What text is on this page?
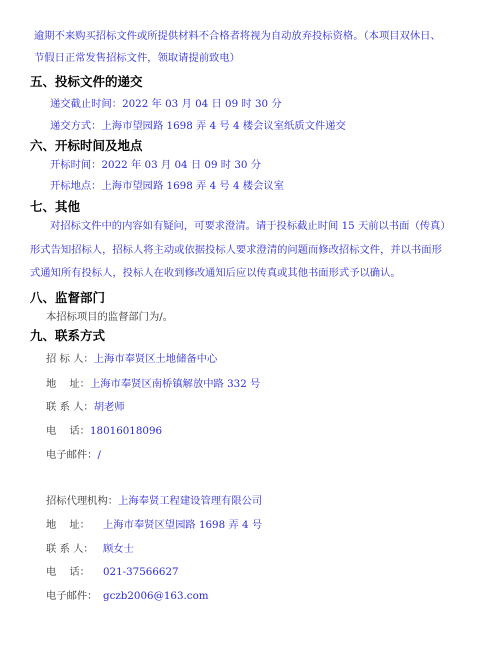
逾期不来购买招标文件或所提供材料不合格者将视为自动放弃投标资格。（本项目双休日、
节假日正常发售招标文件，领取请提前致电）
五、投标文件的递交
递交截止时间：2022 年 03 月 04 日 09 时 30 分
递交方式：上海市望园路 1698 弄 4 号 4 楼会议室纸质文件递交
六、开标时间及地点
开标时间：2022 年 03 月 04 日 09 时 30 分
开标地点：上海市望园路 1698 弄 4 号 4 楼会议室
七、其他
对招标文件中的内容如有疑问，可要求澄清。请于投标截止时间 15 天前以书面（传真）
形式告知招标人，招标人将主动或依据投标人要求澄清的问题而修改招标文件，并以书面形
式通知所有投标人，投标人在收到修改通知后应以传真或其他书面形式予以确认。
八、监督部门
本招标项目的监督部门为/。
九、联系方式
招 标 人：上海市奉贤区土地储备中心
地    址：上海市奉贤区南桥镇解放中路 332 号
联 系 人：胡老师
电    话：18016018096
电子邮件：/
招标代理机构：上海奉贤工程建设管理有限公司
地    址： 上海市奉贤区望园路 1698 弄 4 号
联 系 人： 顾女士
电    话： 021-37566627
电子邮件： gczb2006@163.com
